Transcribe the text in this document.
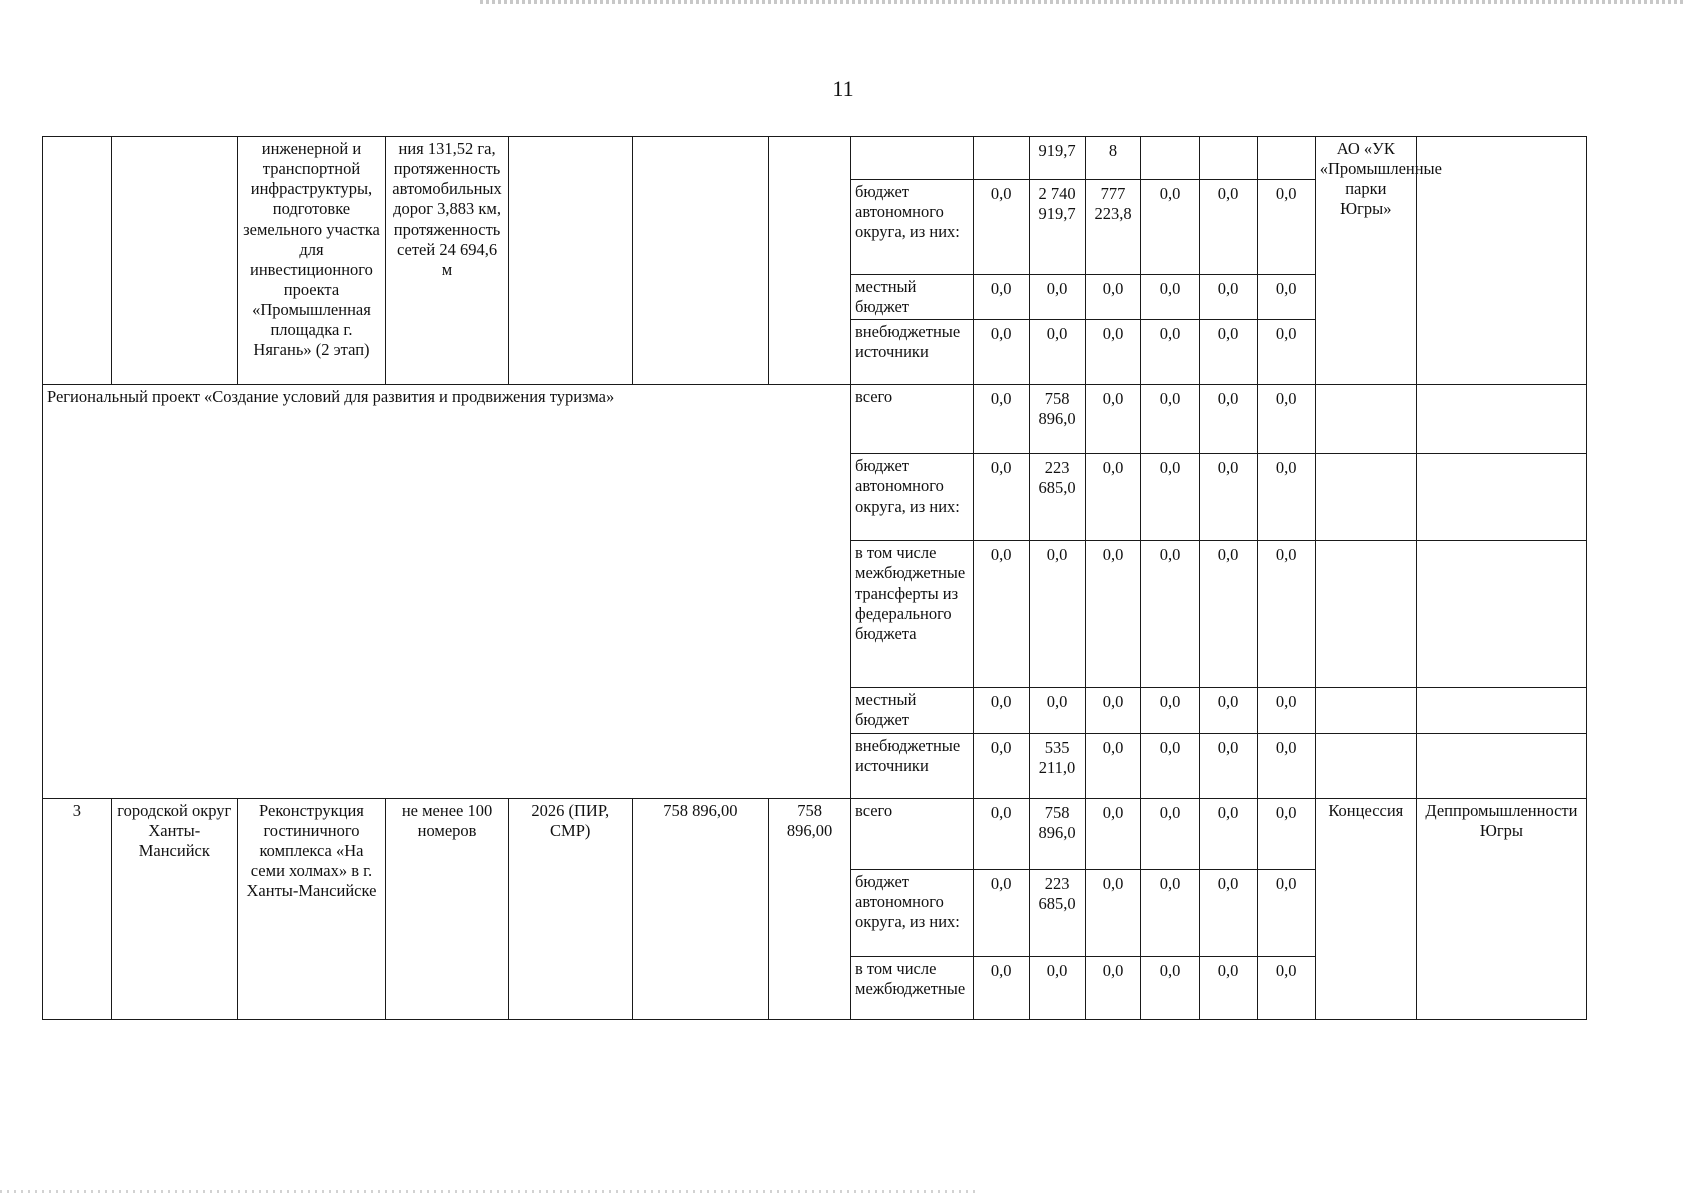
11
		инженерной и транспортной инфраструктуры, подготовке земельного участка для инвестиционного проекта «Промышленная площадка г. Нягань» (2 этап)	ния 131,52 га, протяженность автомобильных дорог 3,883 км, протяженность сетей 24 694,6 м						919,7	8				АО «УК «Промышленные парки Югры»	
							бюджет автономного округа, из них:	0,0	2 740 919,7	777 223,8	0,0	0,0	0,0		
							местный бюджет	0,0	0,0	0,0	0,0	0,0	0,0		
							внебюджетные источники	0,0	0,0	0,0	0,0	0,0	0,0		
Региональный проект «Создание условий для развития и продвижения туризма»							всего	0,0	758 896,0	0,0	0,0	0,0	0,0		
							бюджет автономного округа, из них:	0,0	223 685,0	0,0	0,0	0,0	0,0		
							в том числе межбюджетные трансферты из федерального бюджета	0,0	0,0	0,0	0,0	0,0	0,0		
							местный бюджет	0,0	0,0	0,0	0,0	0,0	0,0		
							внебюджетные источники	0,0	535 211,0	0,0	0,0	0,0	0,0		
3	городской округ Ханты-Мансийск	Реконструкция гостиничного комплекса «На семи холмах» в г. Ханты-Мансийске	не менее 100 номеров	2026 (ПИР, СМР)	758 896,00	758 896,00	всего	0,0	758 896,0	0,0	0,0	0,0	0,0	Концессия	Деппромышленности Югры
							бюджет автономного округа, из них:	0,0	223 685,0	0,0	0,0	0,0	0,0		
							в том числе межбюджетные	0,0	0,0	0,0	0,0	0,0	0,0		
